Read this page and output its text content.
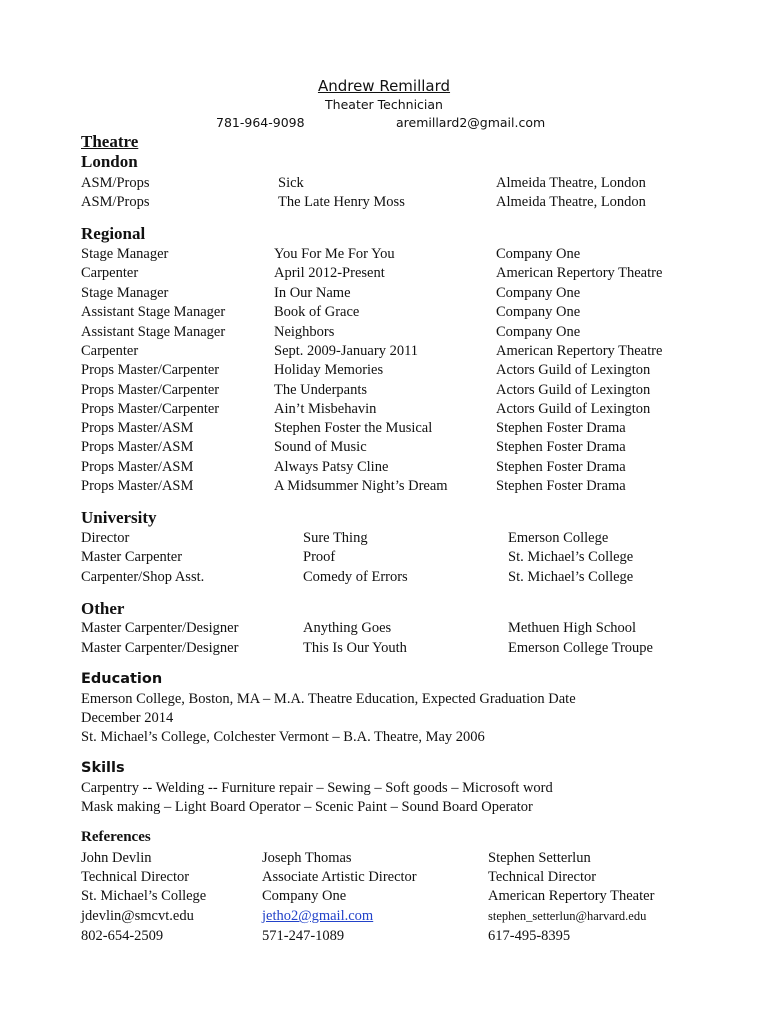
Andrew Remillard
Theater Technician
781-964-9098	aremillard2@gmail.com
Theatre
London
ASM/Props	Sick	Almeida Theatre, London
ASM/Props	The Late Henry Moss	Almeida Theatre, London
Regional
Stage Manager	You For Me For You	Company One
Carpenter	April 2012-Present	American Repertory Theatre
Stage Manager	In Our Name	Company One
Assistant Stage Manager	Book of Grace	Company One
Assistant Stage Manager	Neighbors	Company One
Carpenter	Sept. 2009-January 2011	American Repertory Theatre
Props Master/Carpenter	Holiday Memories	Actors Guild of Lexington
Props Master/Carpenter	The Underpants	Actors Guild of Lexington
Props Master/Carpenter	Ain’t Misbehavin	Actors Guild of Lexington
Props Master/ASM	Stephen Foster the Musical	Stephen Foster Drama
Props Master/ASM	Sound of Music	Stephen Foster Drama
Props Master/ASM	Always Patsy Cline	Stephen Foster Drama
Props Master/ASM	A Midsummer Night’s Dream	Stephen Foster Drama
University
Director	Sure Thing	Emerson College
Master Carpenter	Proof	St. Michael’s College
Carpenter/Shop Asst.	Comedy of Errors	St. Michael’s College
Other
Master Carpenter/Designer	Anything Goes	Methuen High School
Master Carpenter/Designer	This Is Our Youth	Emerson College Troupe
Education
Emerson College, Boston, MA – M.A. Theatre Education, Expected Graduation Date
December 2014
St. Michael’s College, Colchester Vermont – B.A. Theatre, May 2006
Skills
Carpentry -- Welding -- Furniture repair – Sewing – Soft goods – Microsoft word
Mask making – Light Board Operator – Scenic Paint – Sound Board Operator
References
John Devlin	Joseph Thomas	Stephen Setterlun
Technical Director	Associate Artistic Director	Technical Director
St. Michael’s College	Company One	American Repertory Theater
jdevlin@smcvt.edu	jetho2@gmail.com	stephen_setterlun@harvard.edu
802-654-2509	571-247-1089	617-495-8395
